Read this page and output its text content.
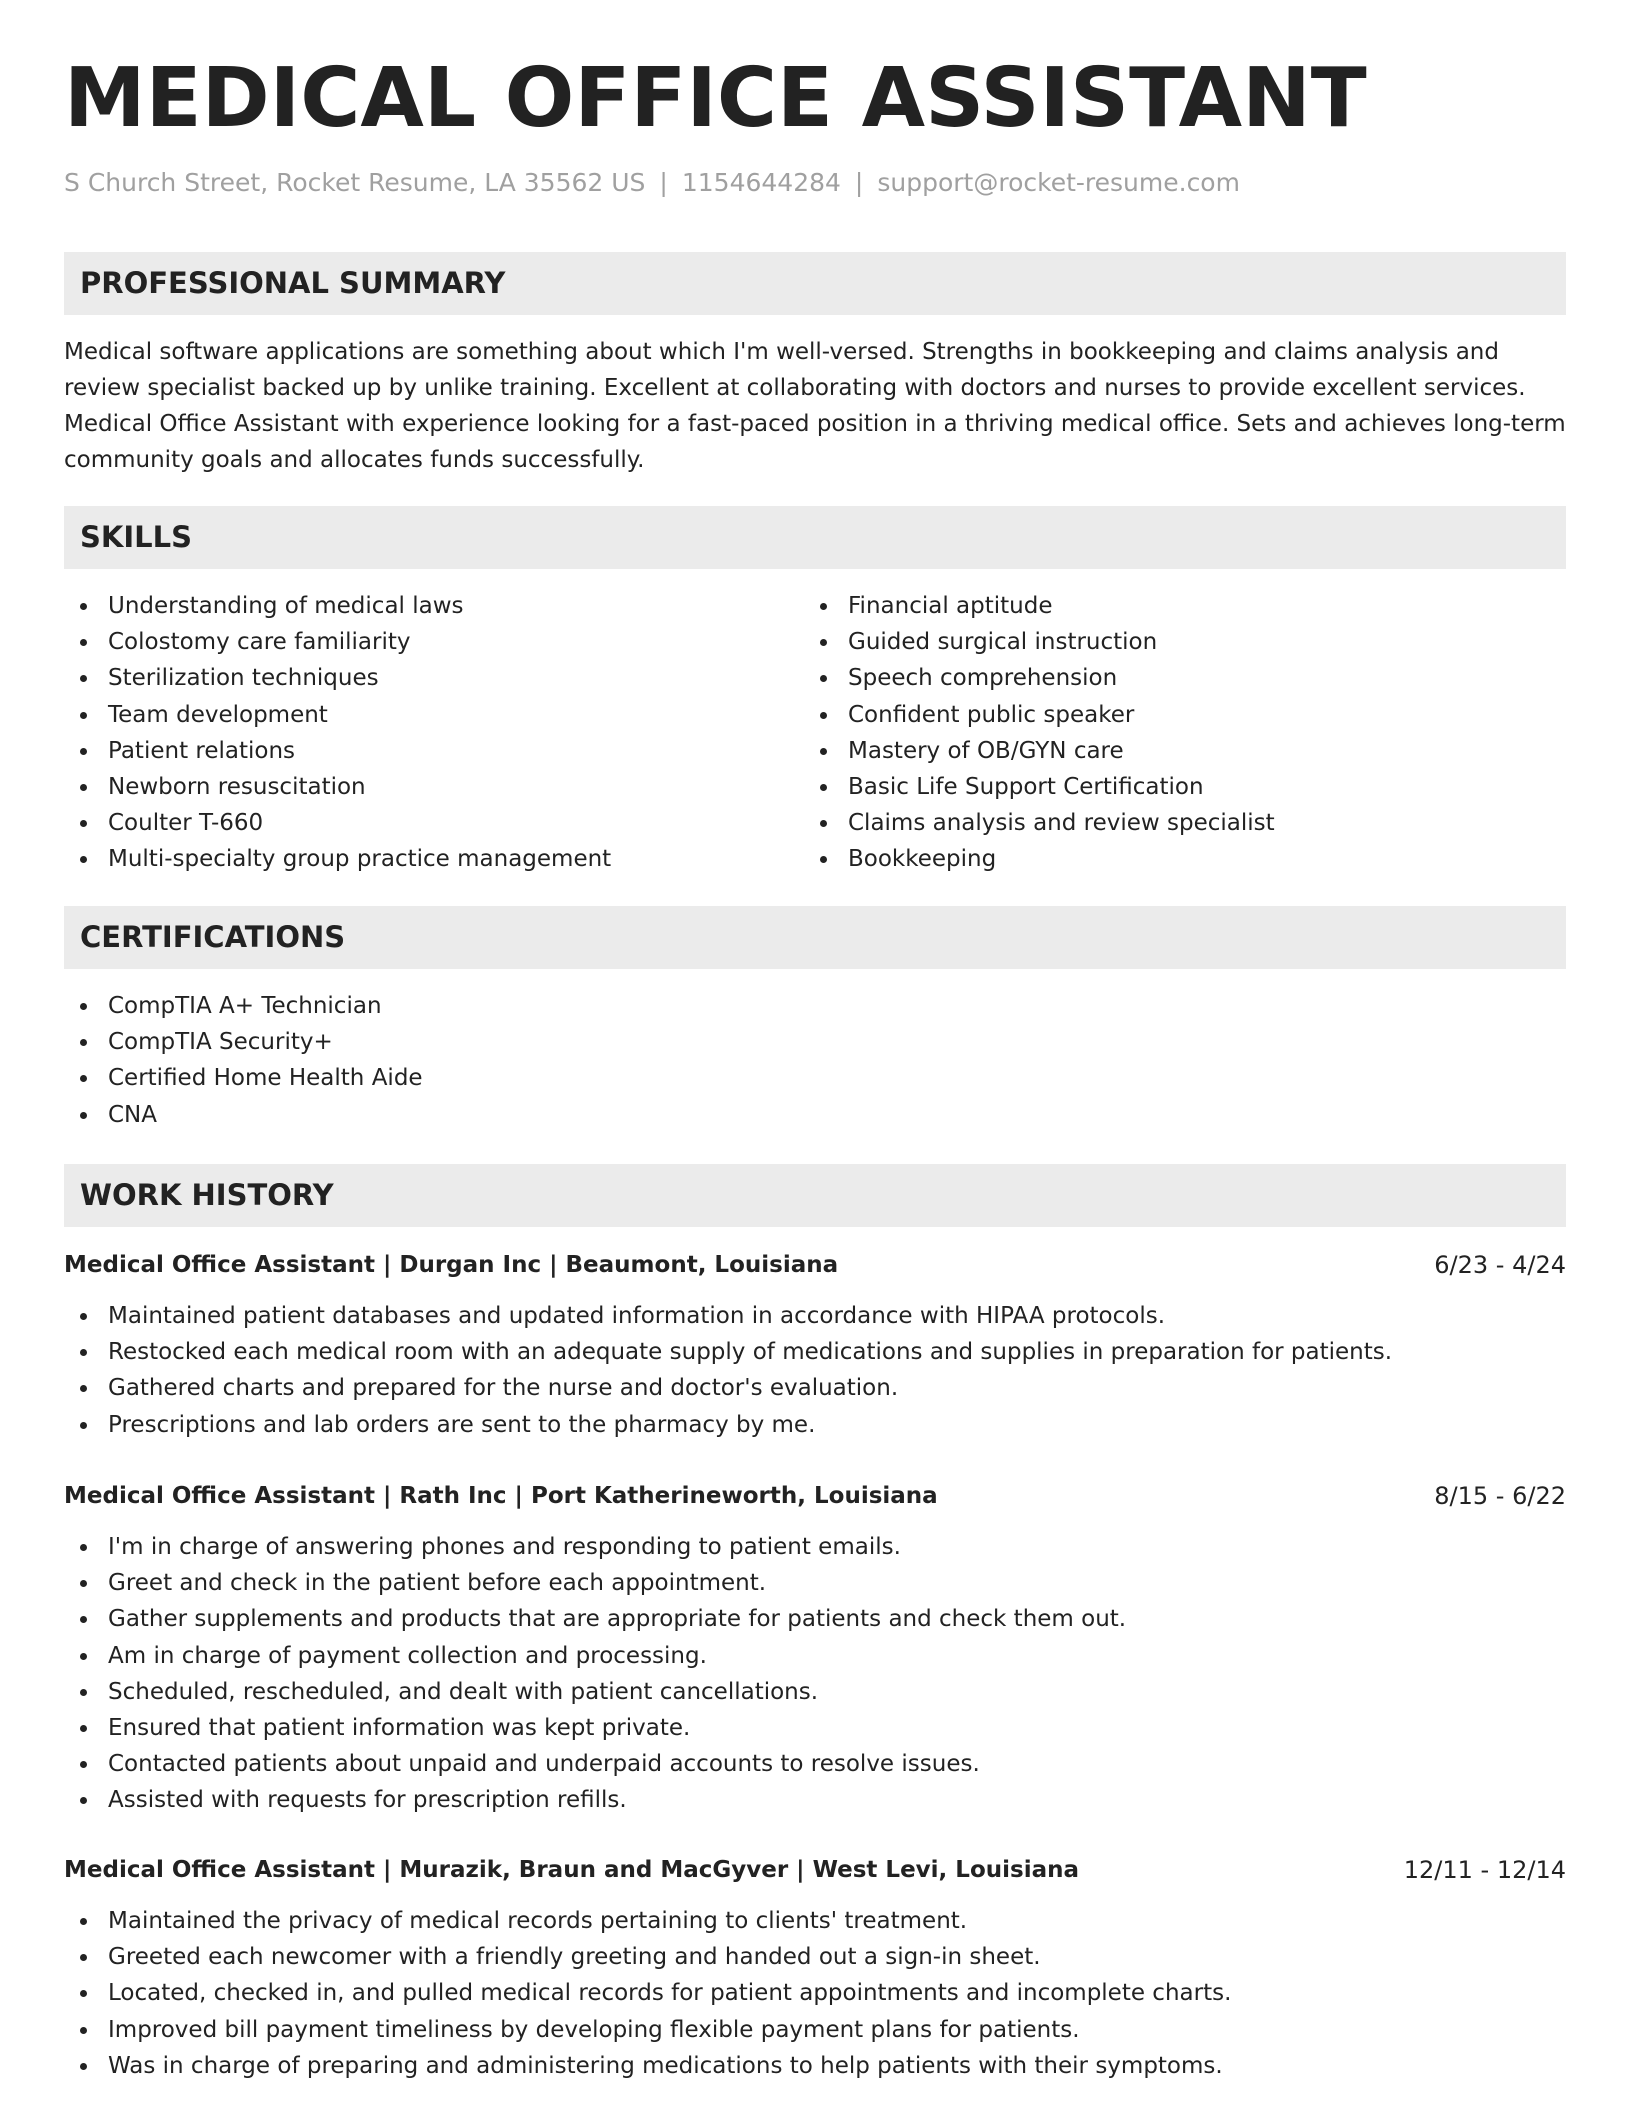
MEDICAL OFFICE ASSISTANT
S Church Street, Rocket Resume, LA 35562 US | 1154644284 | support@rocket-resume.com
PROFESSIONAL SUMMARY

Medical software applications are something about which I'm well-versed. Strengths in bookkeeping and claims analysis and review specialist backed up by unlike training. Excellent at collaborating with doctors and nurses to provide excellent services. Medical Office Assistant with experience looking for a fast-paced position in a thriving medical office. Sets and achieves long-term community goals and allocates funds successfully.

SKILLS
Understanding of medical laws
Colostomy care familiarity
Sterilization techniques
Team development
Patient relations
Newborn resuscitation
Coulter T-660
Multi-specialty group practice management
Financial aptitude
Guided surgical instruction
Speech comprehension
Confident public speaker
Mastery of OB/GYN care
Basic Life Support Certification
Claims analysis and review specialist
Bookkeeping
CERTIFICATIONS
CompTIA A+ Technician
CompTIA Security+
Certified Home Health Aide
CNA
WORK HISTORY
Medical Office Assistant | Durgan Inc | Beaumont, Louisiana	6/23 - 4/24
Maintained patient databases and updated information in accordance with HIPAA protocols.
Restocked each medical room with an adequate supply of medications and supplies in preparation for patients.
Gathered charts and prepared for the nurse and doctor's evaluation.
Prescriptions and lab orders are sent to the pharmacy by me.
Medical Office Assistant | Rath Inc | Port Katherineworth, Louisiana	8/15 - 6/22
I'm in charge of answering phones and responding to patient emails.
Greet and check in the patient before each appointment.
Gather supplements and products that are appropriate for patients and check them out.
Am in charge of payment collection and processing.
Scheduled, rescheduled, and dealt with patient cancellations.
Ensured that patient information was kept private.
Contacted patients about unpaid and underpaid accounts to resolve issues.
Assisted with requests for prescription refills.
Medical Office Assistant | Murazik, Braun and MacGyver | West Levi, Louisiana	12/11 - 12/14
Maintained the privacy of medical records pertaining to clients' treatment.
Greeted each newcomer with a friendly greeting and handed out a sign-in sheet.
Located, checked in, and pulled medical records for patient appointments and incomplete charts.
Improved bill payment timeliness by developing flexible payment plans for patients.
Was in charge of preparing and administering medications to help patients with their symptoms.
